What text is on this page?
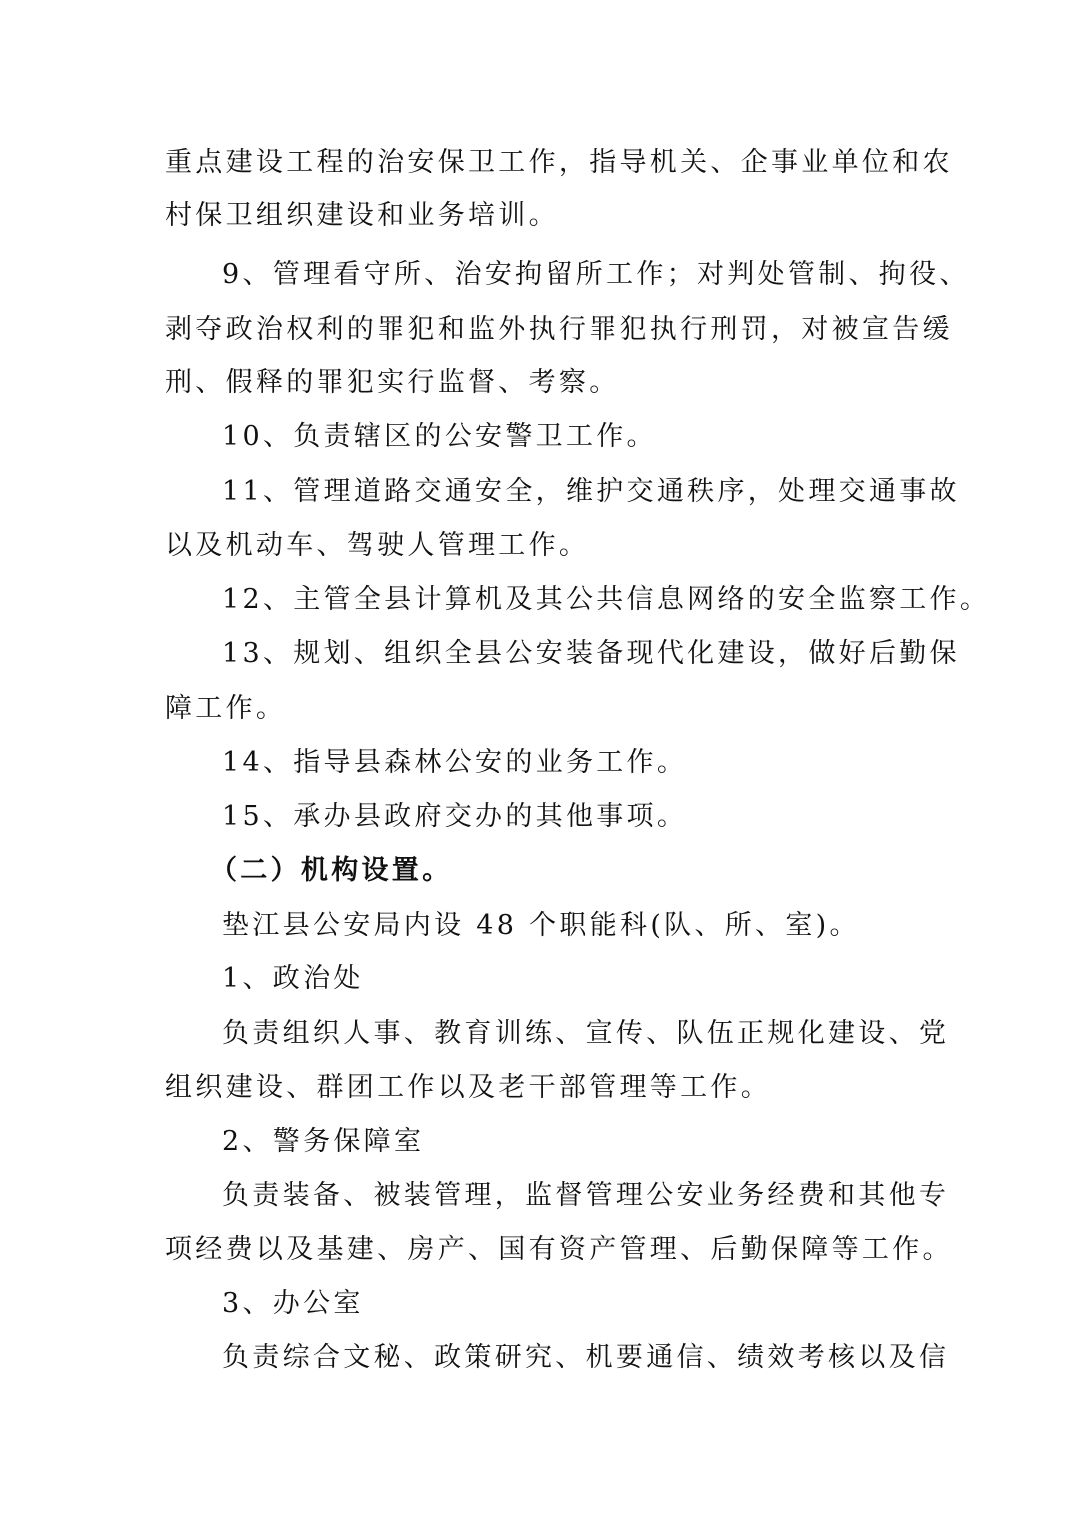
重点建设工程的治安保卫工作，指导机关、企事业单位和农
村保卫组织建设和业务培训。
9、管理看守所、治安拘留所工作；对判处管制、拘役、
剥夺政治权利的罪犯和监外执行罪犯执行刑罚，对被宣告缓
刑、假释的罪犯实行监督、考察。
10、负责辖区的公安警卫工作。
11、管理道路交通安全，维护交通秩序，处理交通事故
以及机动车、驾驶人管理工作。
12、主管全县计算机及其公共信息网络的安全监察工作。
13、规划、组织全县公安装备现代化建设，做好后勤保
障工作。
14、指导县森林公安的业务工作。
15、承办县政府交办的其他事项。
（二）机构设置。
垫江县公安局内设 48 个职能科(队、所、室)。
1、政治处
负责组织人事、教育训练、宣传、队伍正规化建设、党
组织建设、群团工作以及老干部管理等工作。
2、警务保障室
负责装备、被装管理，监督管理公安业务经费和其他专
项经费以及基建、房产、国有资产管理、后勤保障等工作。
3、办公室
负责综合文秘、政策研究、机要通信、绩效考核以及信
